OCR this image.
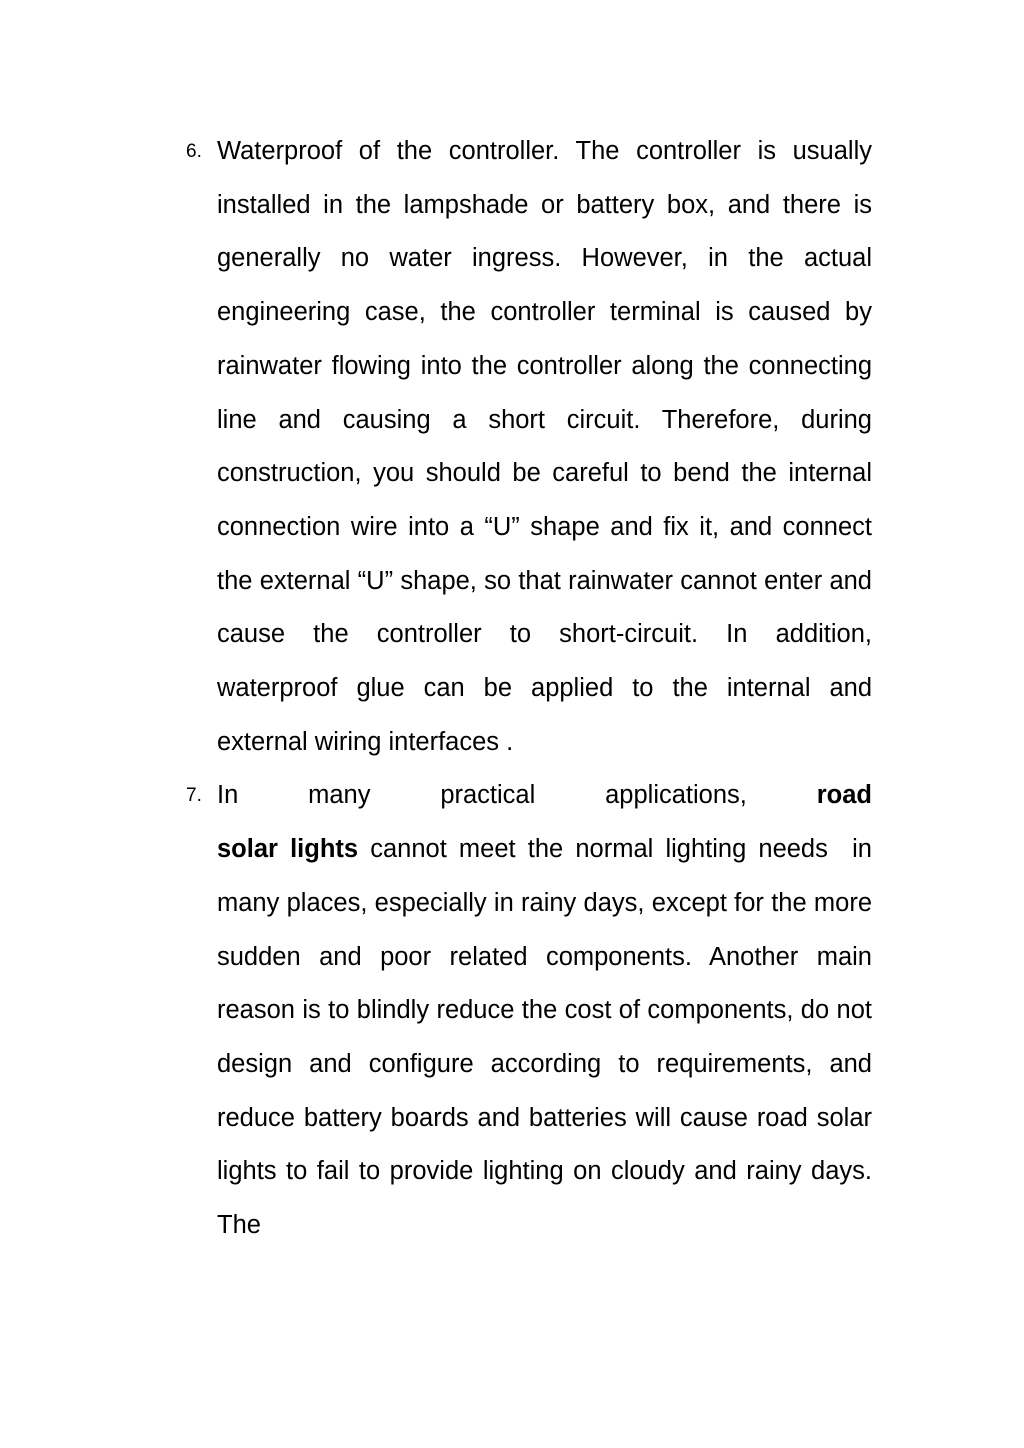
6. Waterproof of the controller. The controller is usually installed in the lampshade or battery box, and there is generally no water ingress. However, in the actual engineering case, the controller terminal is caused by rainwater flowing into the controller along the connecting line and causing a short circuit. Therefore, during construction, you should be careful to bend the internal connection wire into a “U” shape and fix it, and connect the external “U” shape, so that rainwater cannot enter and cause the controller to short-circuit. In addition, waterproof glue can be applied to the internal and external wiring interfaces .
7. In many practical applications,	road
solar lights cannot meet the normal lighting needs  in many places, especially in rainy days, except for the more sudden and poor related components. Another main reason is to blindly reduce the cost of components, do not design and configure according to requirements, and reduce battery boards and batteries will cause road solar lights to fail to provide lighting on cloudy and rainy days.  The
